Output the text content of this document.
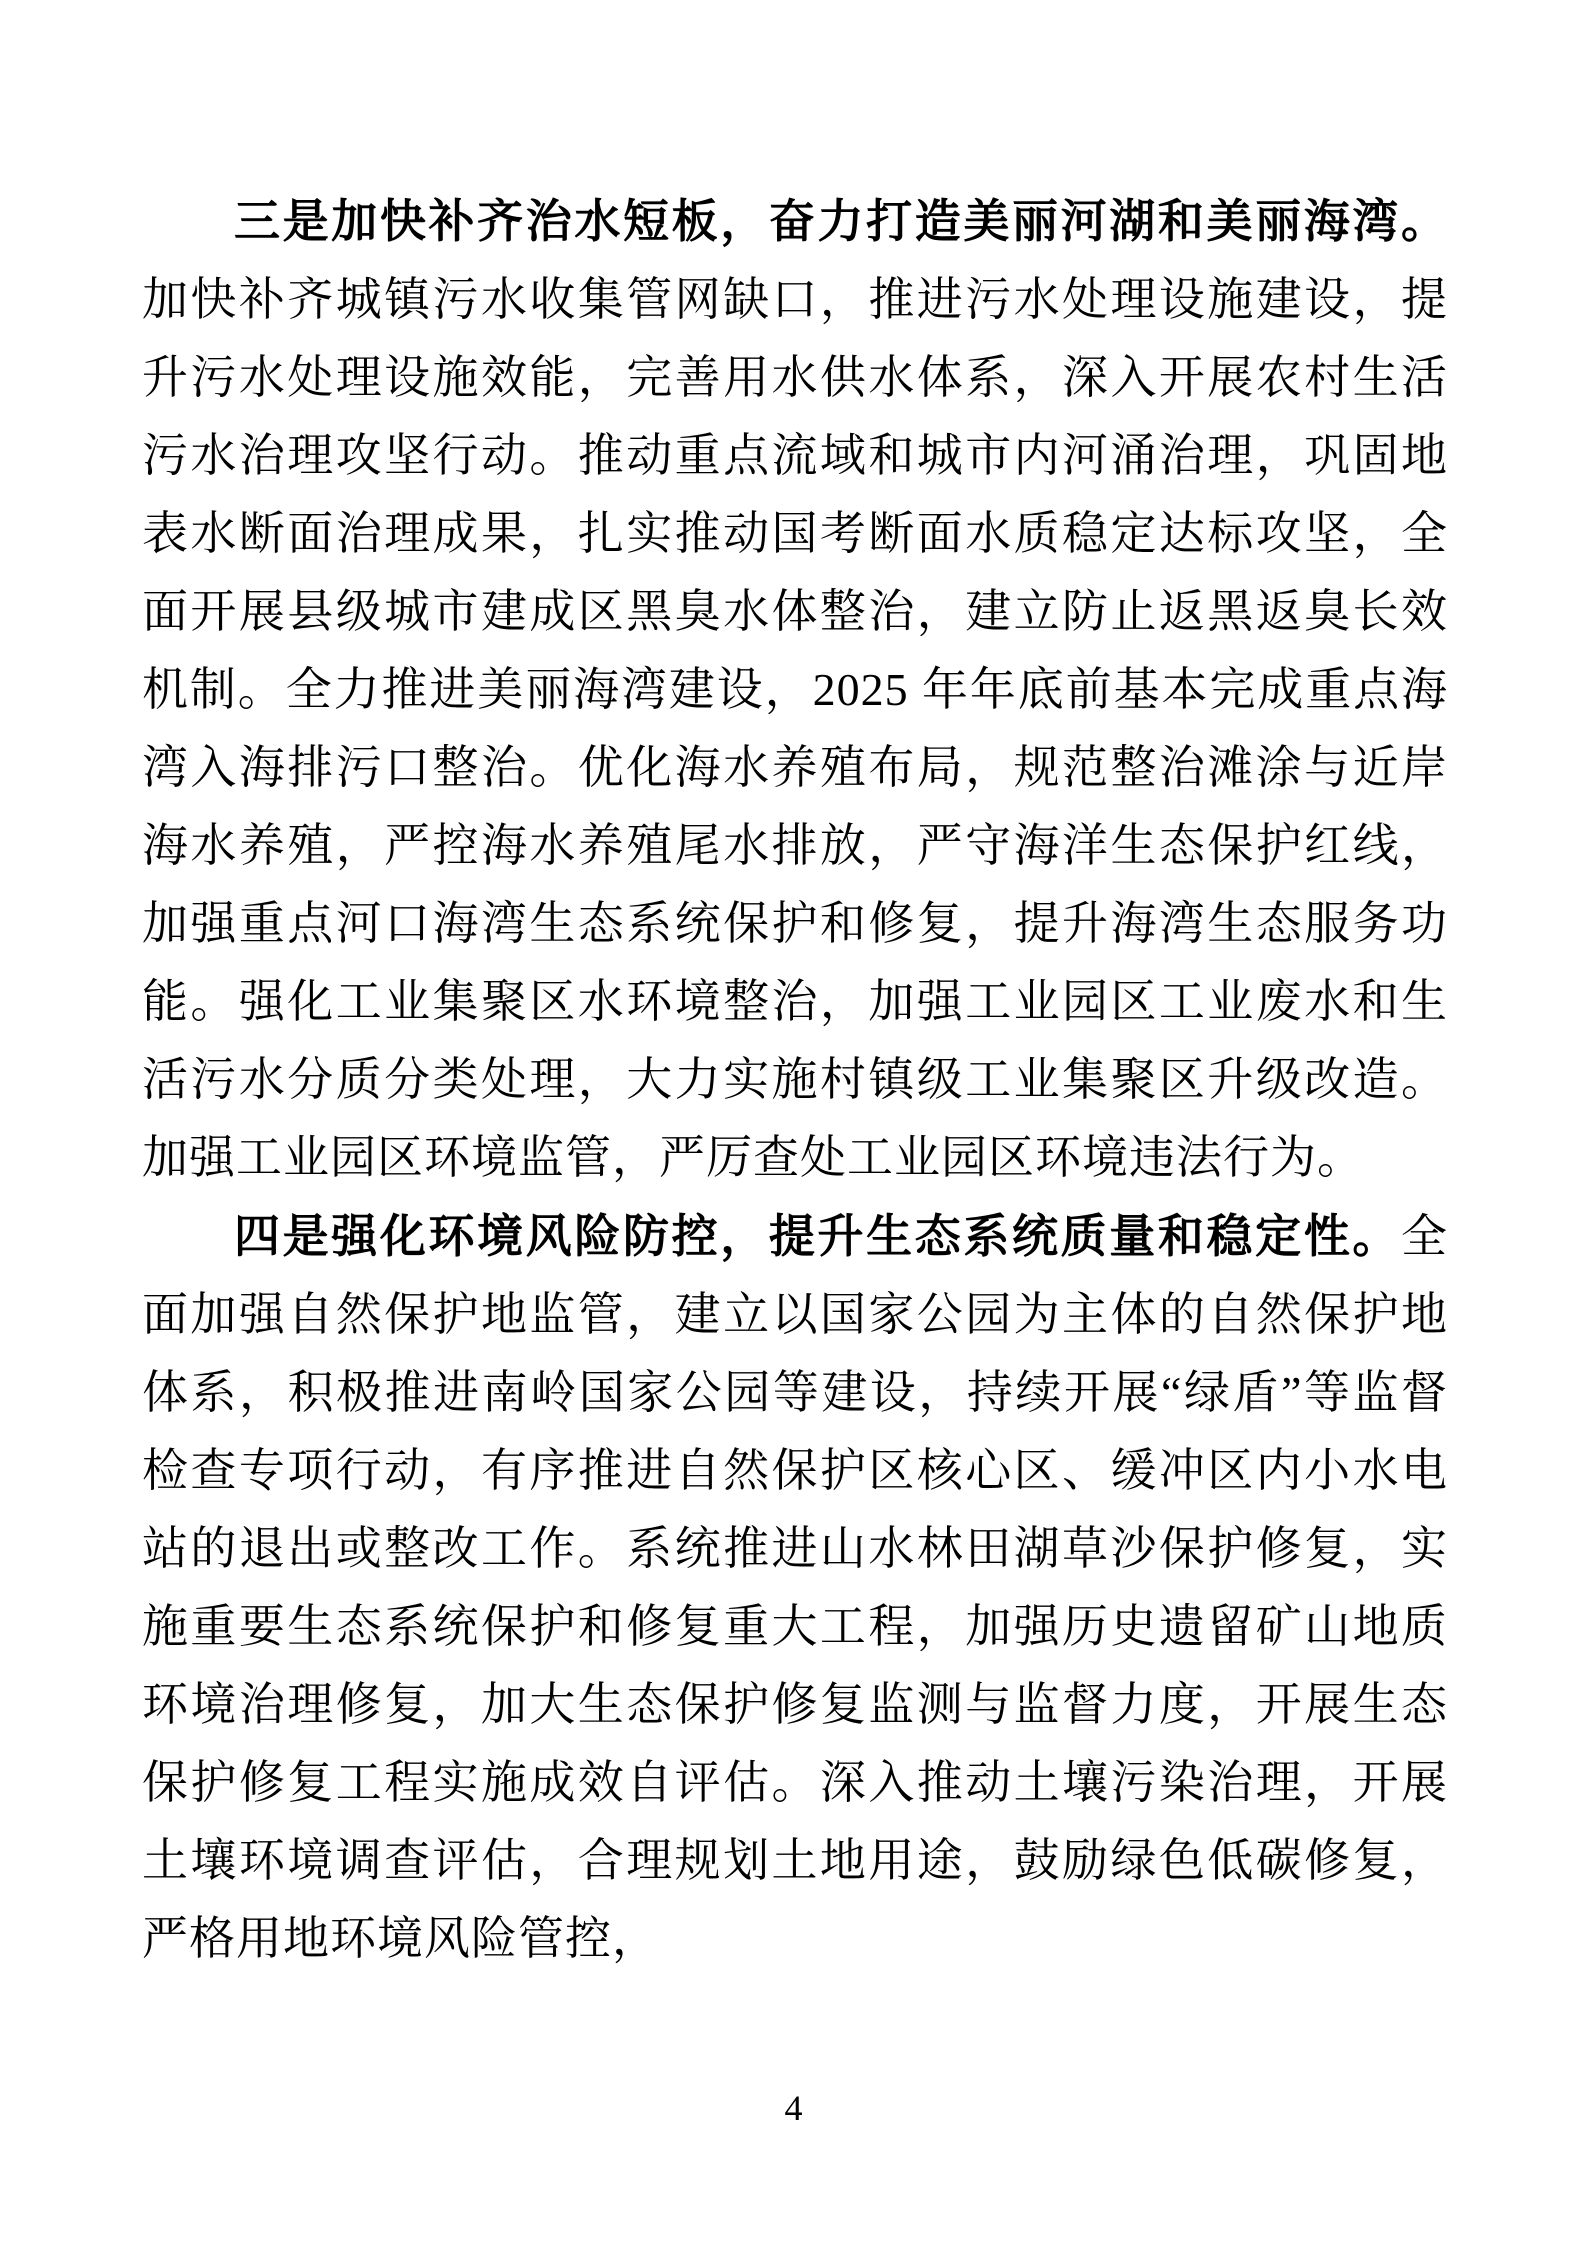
三是加快补齐治水短板，奋力打造美丽河湖和美丽海湾。加快补齐城镇污水收集管网缺口，推进污水处理设施建设，提升污水处理设施效能，完善用水供水体系，深入开展农村生活污水治理攻坚行动。推动重点流域和城市内河涌治理，巩固地表水断面治理成果，扎实推动国考断面水质稳定达标攻坚，全面开展县级城市建成区黑臭水体整治，建立防止返黑返臭长效机制。全力推进美丽海湾建设，2025 年年底前基本完成重点海湾入海排污口整治。优化海水养殖布局，规范整治滩涂与近岸海水养殖，严控海水养殖尾水排放，严守海洋生态保护红线，加强重点河口海湾生态系统保护和修复，提升海湾生态服务功能。强化工业集聚区水环境整治，加强工业园区工业废水和生活污水分质分类处理，大力实施村镇级工业集聚区升级改造。加强工业园区环境监管，严厉查处工业园区环境违法行为。

四是强化环境风险防控，提升生态系统质量和稳定性。全面加强自然保护地监管，建立以国家公园为主体的自然保护地体系，积极推进南岭国家公园等建设，持续开展“绿盾”等监督检查专项行动，有序推进自然保护区核心区、缓冲区内小水电站的退出或整改工作。系统推进山水林田湖草沙保护修复，实施重要生态系统保护和修复重大工程，加强历史遗留矿山地质环境治理修复，加大生态保护修复监测与监督力度，开展生态保护修复工程实施成效自评估。深入推动土壤污染治理，开展土壤环境调查评估，合理规划土地用途，鼓励绿色低碳修复，严格用地环境风险管控，

4
